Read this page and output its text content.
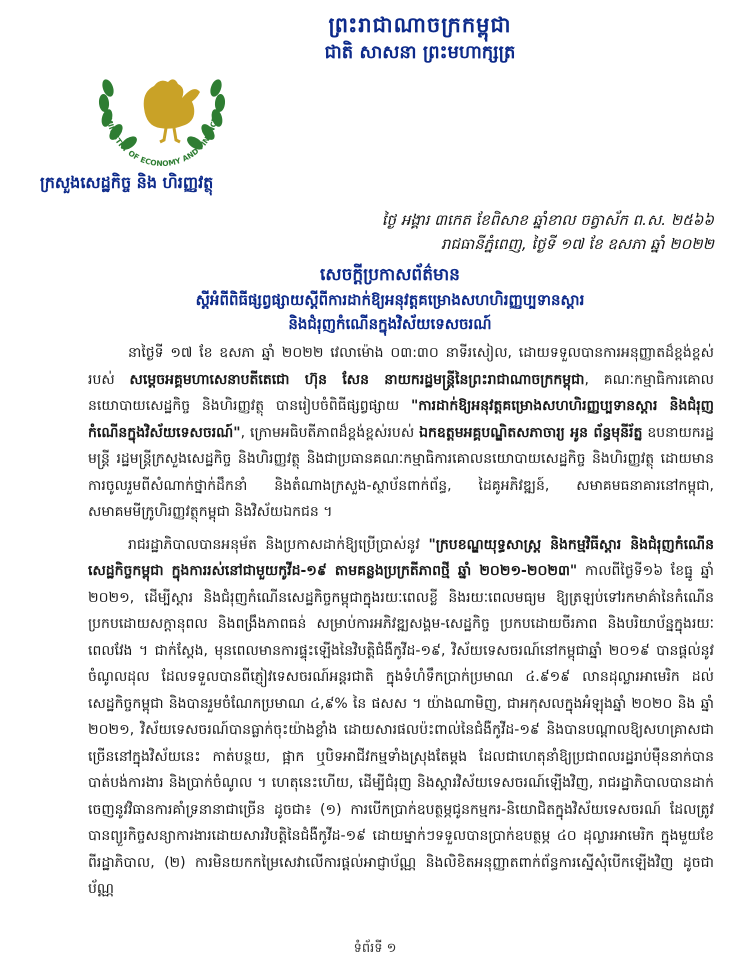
ព្រះរាជាណាចក្រកម្ពុជា
ជាតិ សាសនា ព្រះមហាក្សត្រ
MINISTRY OF ECONOMY AND FINANCE
ក្រសួងសេដ្ឋកិច្ច និង ហិរញ្ញវត្ថុ
ថ្ងៃ អង្គារ ៣កេត ខែពិសាខ ឆ្នាំខាល ចត្វាស័ក ព.ស. ២៥៦៦
រាជធានីភ្នំពេញ, ថ្ងៃទី ១៧ ខែ ឧសភា ឆ្នាំ ២០២២
សេចក្តីប្រកាសព័ត៌មាន
ស្តីអំពីពិធីផ្សព្វផ្សាយស្តីពីការដាក់ឱ្យអនុវត្តគម្រោងសហហិរញ្ញប្បទានស្តារ
និងជំរុញកំណើនក្នុងវិស័យទេសចរណ៍

នាថ្ងៃទី ១៧ ខែ ឧសភា ឆ្នាំ ២០២២ វេលាម៉ោង ០៣:៣០ នាទីរសៀល, ដោយទទួលបានការអនុញ្ញាតដ៏ខ្ពង់ខ្ពស់របស់ សម្តេចអគ្គមហាសេនាបតីតេជោ ហ៊ុន សែន នាយករដ្ឋមន្ត្រីនៃព្រះរាជាណាចក្រកម្ពុជា, គណៈកម្មាធិការគោលនយោបាយសេដ្ឋកិច្ច និងហិរញ្ញវត្ថុ បានរៀបចំពិធីផ្សព្វផ្សាយ "ការដាក់ឱ្យអនុវត្តគម្រោងសហហិរញ្ញប្បទានស្តារ និងជំរុញកំណើនក្នុងវិស័យទេសចរណ៍", ក្រោមអធិបតីភាពដ៏ខ្ពង់ខ្ពស់របស់ ឯកឧត្តមអគ្គបណ្ឌិតសភាចារ្យ អូន ព័ន្ធមុនីរ័ត្ន ឧបនាយករដ្ឋមន្ត្រី រដ្ឋមន្ត្រីក្រសួងសេដ្ឋកិច្ច និងហិរញ្ញវត្ថុ និងជាប្រធានគណៈកម្មាធិការគោលនយោបាយសេដ្ឋកិច្ច និងហិរញ្ញវត្ថុ ដោយមានការចូលរួមពីសំណាក់ថ្នាក់ដឹកនាំ និងតំណាងក្រសួង-ស្ថាប័នពាក់ព័ន្ធ, ដៃគូអភិវឌ្ឍន៍, សមាគមធនាគារនៅកម្ពុជា, សមាគមមីក្រូហិរញ្ញវត្ថុកម្ពុជា និងវិស័យឯកជន ។

រាជរដ្ឋាភិបាលបានអនុម័ត និងប្រកាសដាក់ឱ្យប្រើប្រាស់នូវ "ក្របខណ្ឌយុទ្ធសាស្ត្រ និងកម្មវិធីស្តារ និងជំរុញកំណើនសេដ្ឋកិច្ចកម្ពុជា ក្នុងការរស់នៅជាមួយកូវីដ-១៩ តាមគន្លងប្រក្រតីភាពថ្មី ឆ្នាំ ២០២១-២០២៣" កាលពីថ្ងៃទី១៦ ខែធ្នូ ឆ្នាំ ២០២១, ដើម្បីស្តារ និងជំរុញកំណើនសេដ្ឋកិច្ចកម្ពុជាក្នុងរយៈពេលខ្លី និងរយៈពេលមធ្យម ឱ្យត្រឡប់ទៅរកមាគ៌ានៃកំណើនប្រកបដោយសក្តានុពល និងពង្រឹងភាពធន់ សម្រាប់ការអភិវឌ្ឍសង្គម-សេដ្ឋកិច្ច ប្រកបដោយចីរភាព និងបរិយាប័ន្នក្នុងរយៈពេលវែង ។ ជាក់ស្តែង, មុនពេលមានការផ្ទុះឡើងនៃវិបត្តិជំងឺកូវីដ-១៩, វិស័យទេសចរណ៍នៅកម្ពុជាឆ្នាំ ២០១៩ បានផ្តល់នូវចំណូលដុល ដែលទទួលបានពីភ្ញៀវទេសចរណ៍អន្តរជាតិ ក្នុងទំហំទឹកប្រាក់ប្រមាណ ៤.៩១៩ លានដុល្លារអាមេរិក ដល់សេដ្ឋកិច្ចកម្ពុជា និងបានរួមចំណែកប្រមាណ ៤,៩% នៃ ផសស ។ យ៉ាងណាមិញ, ជាអកុសលក្នុងអំឡុងឆ្នាំ ២០២០ និង ឆ្នាំ ២០២១, វិស័យទេសចរណ៍បានធ្លាក់ចុះយ៉ាងខ្លាំង ដោយសារផលប៉ះពាល់នៃជំងឺកូវីដ-១៩ និងបានបណ្តាលឱ្យសហគ្រាសជាច្រើននៅក្នុងវិស័យនេះ កាត់បន្ថយ, ផ្អាក ឬបិទអាជីវកម្មទាំងស្រុងតែម្តង ដែលជាហេតុនាំឱ្យប្រជាពលរដ្ឋរាប់ម៉ឺននាក់បានបាត់បង់ការងារ និងប្រាក់ចំណូល ។ ហេតុនេះហើយ, ដើម្បីជំរុញ និងស្តារវិស័យទេសចរណ៍ឡើងវិញ, រាជរដ្ឋាភិបាលបានដាក់ចេញនូវវិធានការគាំទ្រនានាជាច្រើន ដូចជា៖ (១) ការបើកប្រាក់ឧបត្ថម្ភជូនកម្មករ-និយោជិតក្នុងវិស័យទេសចរណ៍ ដែលត្រូវបានព្យួរកិច្ចសន្យាការងារដោយសារវិបត្តិនៃជំងឺកូវីដ-១៩ ដោយម្នាក់ៗទទួលបានប្រាក់ឧបត្ថម្ភ ៤០ ដុល្លារអាមេរិក ក្នុងមួយខែពីរដ្ឋាភិបាល, (២) ការមិនយកកម្រៃសេវាលើការផ្តល់អាជ្ញាប័ណ្ណ និងលិខិតអនុញ្ញាតពាក់ព័ន្ធការស្នើសុំបើកឡើងវិញ ដូចជាប័ណ្ណ

ទំព័រទី ១
